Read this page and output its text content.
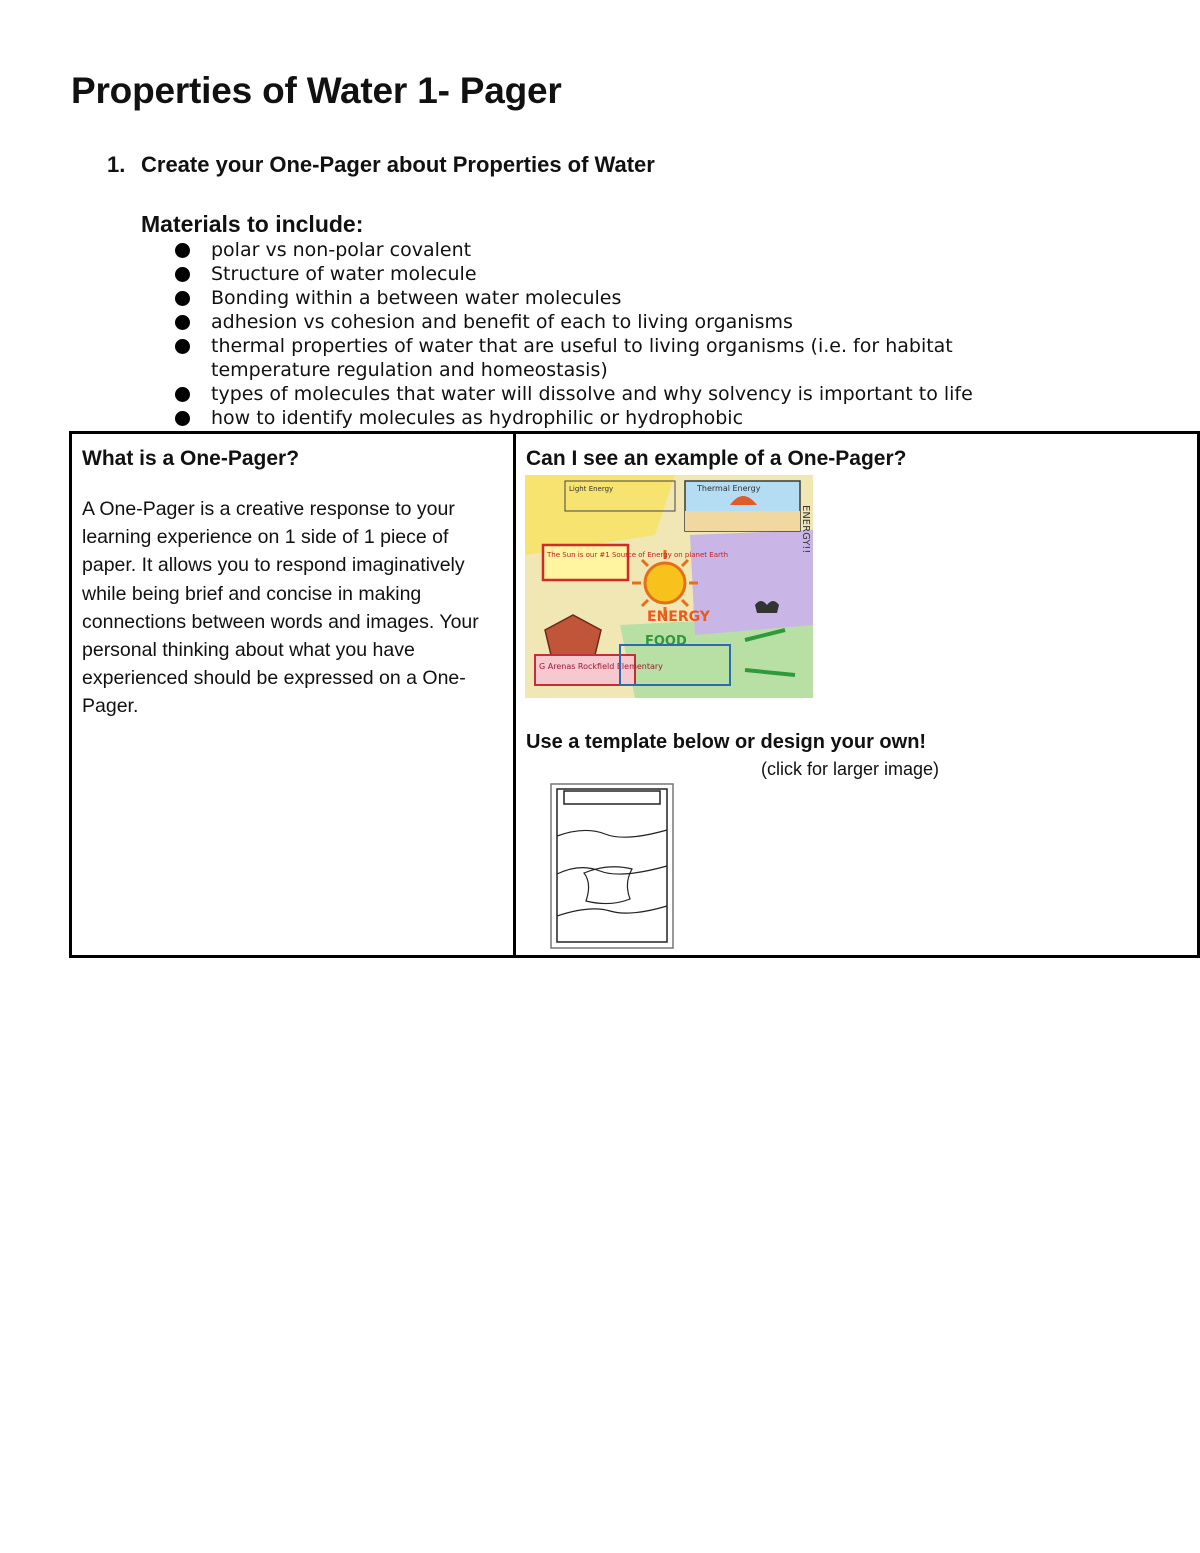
Properties of Water 1- Pager
1. Create your One-Pager about Properties of Water
Materials to include:
polar vs non-polar covalent
Structure of water molecule
Bonding within a between water molecules
adhesion vs cohesion and benefit of each to living organisms
thermal properties of water that are useful to living organisms (i.e. for habitat temperature regulation and homeostasis)
types of molecules that water will dissolve and why solvency is important to life
how to identify molecules as hydrophilic or hydrophobic
What is a One-Pager?
A One-Pager is a creative response to your learning experience on 1 side of 1 piece of paper. It allows you to respond imaginatively while being brief and concise in making connections between words and images. Your personal thinking about what you have experienced should be expressed on a One-Pager.

Can I see an example of a One-Pager?
Thermal Energy
Light Energy
The Sun is our #1 Source of Energy on planet Earth
ENERGY
FOOD
G Arenas Rockfield Elementary
ENERGY!!
Use a template below or design your own!
(click for larger image)
